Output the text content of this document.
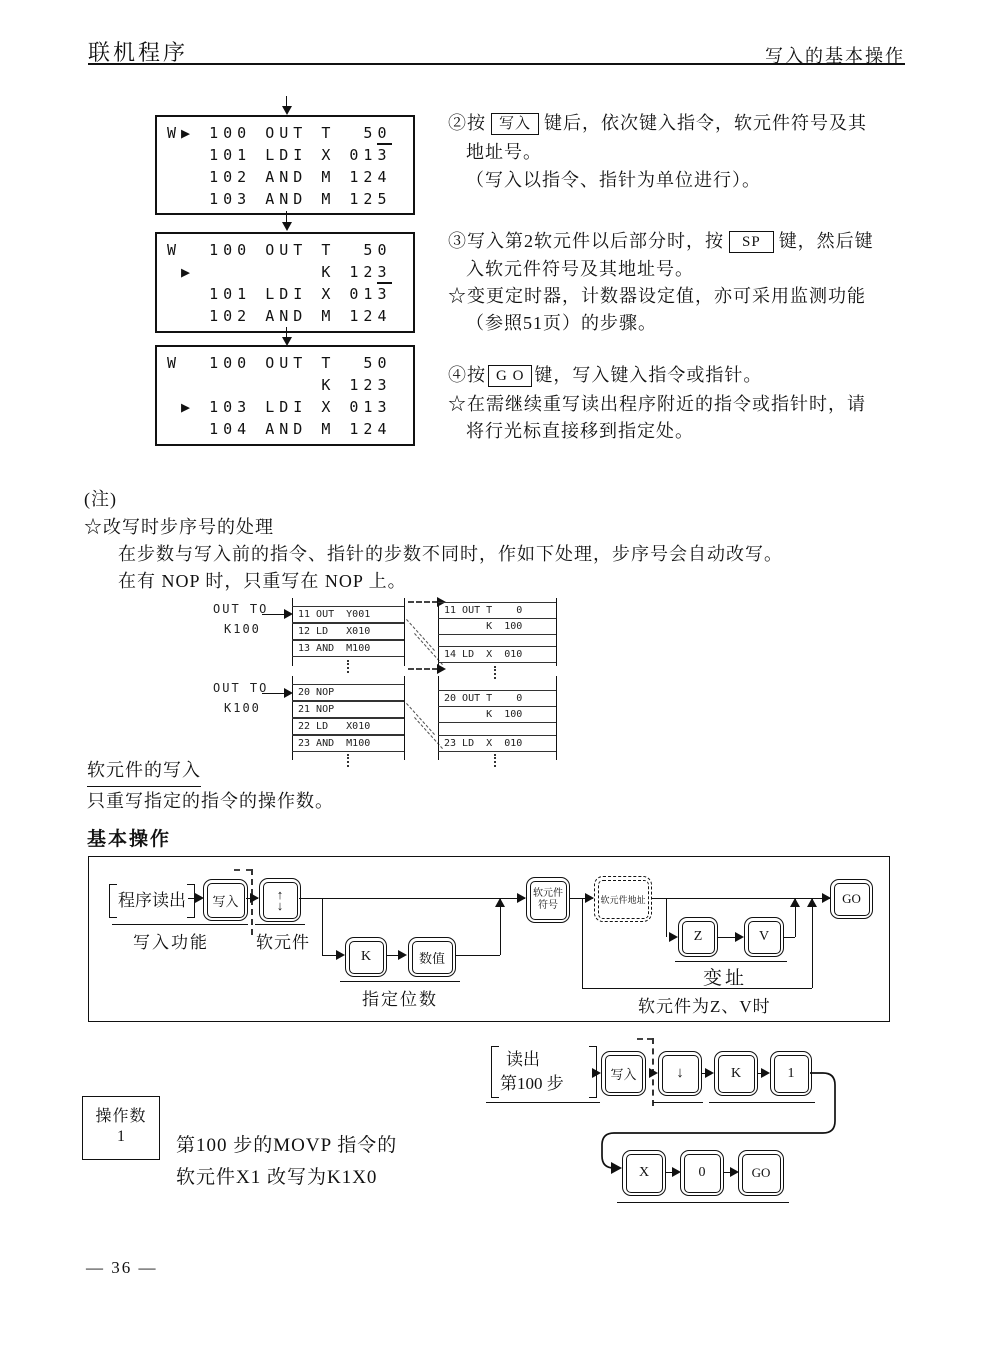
联机程序	写入的基本操作
W▶ 100 OUT T  50
101 LDI X 013
102 AND M 124
103 AND M 125
W  100 OUT T  50
▶         K 123
101 LDI X 013
102 AND M 124
W  100 OUT T  50
K 123
▶ 103 LDI X 013
104 AND M 124
②按 写入 键后，依次键入指令，软元件符号及其
地址号。
（写入以指令、指针为单位进行）。
③写入第2软元件以后部分时，按 SP 键，然后键
入软元件符号及其地址号。
☆变更定时器，计数器设定值，亦可采用监测功能
（参照51页）的步骤。
④按 G O 键，写入键入指令或指针。
☆在需继续重写读出程序附近的指令或指针时，请
将行光标直接移到指定处。
(注)
☆改写时步序号的处理
在步数与写入前的指令、指针的步数不同时，作如下处理，步序号会自动改写。
在有 NOP 时，只重写在 NOP 上。
OUT TO
K100
11 OUT  Y001
12 LD   X010
13 AND  M100
11 OUT T    0
K  100
14 LD  X  010
OUT TO
K100
20 NOP
21 NOP
22 LD   X010
23 AND  M100
20 OUT T    0
K  100
23 LD  X  010
软元件的写入
只重写指定的指令的操作数。
基本操作
程序读出 写入
写入功能
↑
↓
软元件
K	数值
指定位数
软元件
符号
软元件地址
Z	V
变址
软元件为Z、V时
GO
读出
第100 步	写入	↓	K	1
X	0	GO
操作数
1	第100 步的MOVP 指令的
软元件X1 改写为K1X0
— 36 —
